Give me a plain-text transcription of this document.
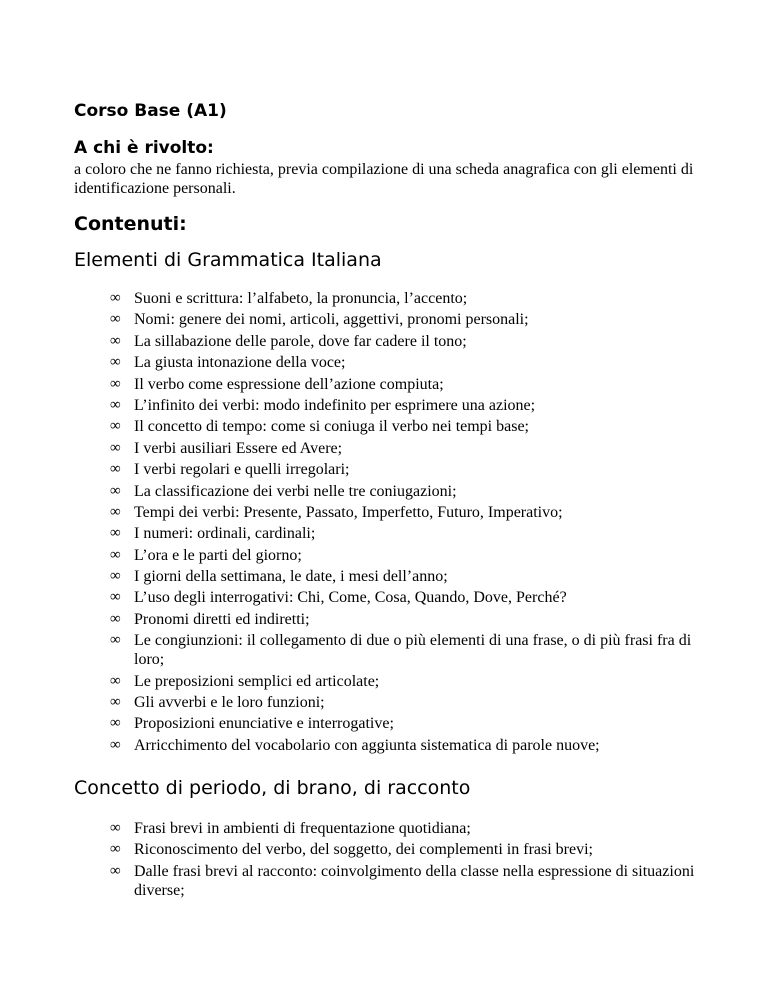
Corso Base (A1)
A chi è rivolto:

a coloro che ne fanno richiesta, previa compilazione di una scheda anagrafica con gli elementi di identificazione personali.

Contenuti:
Elementi di Grammatica Italiana
∞ Suoni e scrittura: l’alfabeto, la pronuncia, l’accento;
∞ Nomi: genere dei nomi, articoli, aggettivi, pronomi personali;
∞ La sillabazione delle parole, dove far cadere il tono;
∞ La giusta intonazione della voce;
∞ Il verbo come espressione dell’azione compiuta;
∞ L’infinito dei verbi: modo indefinito per esprimere una azione;
∞ Il concetto di tempo: come si coniuga il verbo nei tempi base;
∞ I verbi ausiliari Essere ed Avere;
∞ I verbi regolari e quelli irregolari;
∞ La classificazione dei verbi nelle tre coniugazioni;
∞ Tempi dei verbi: Presente, Passato, Imperfetto, Futuro, Imperativo;
∞ I numeri: ordinali, cardinali;
∞ L’ora e le parti del giorno;
∞ I giorni della settimana, le date, i mesi dell’anno;
∞ L’uso degli interrogativi: Chi, Come, Cosa, Quando, Dove, Perché?
∞ Pronomi diretti ed indiretti;
∞ Le congiunzioni: il collegamento di due o più elementi di una frase, o di più frasi fra di loro;
∞ Le preposizioni semplici ed articolate;
∞ Gli avverbi e le loro funzioni;
∞ Proposizioni enunciative e interrogative;
∞ Arricchimento del vocabolario con aggiunta sistematica di parole nuove;
Concetto di periodo, di brano, di racconto
∞ Frasi brevi in ambienti di frequentazione quotidiana;
∞ Riconoscimento del verbo, del soggetto, dei complementi in frasi brevi;
∞ Dalle frasi brevi al racconto: coinvolgimento della classe nella espressione di situazioni diverse;
